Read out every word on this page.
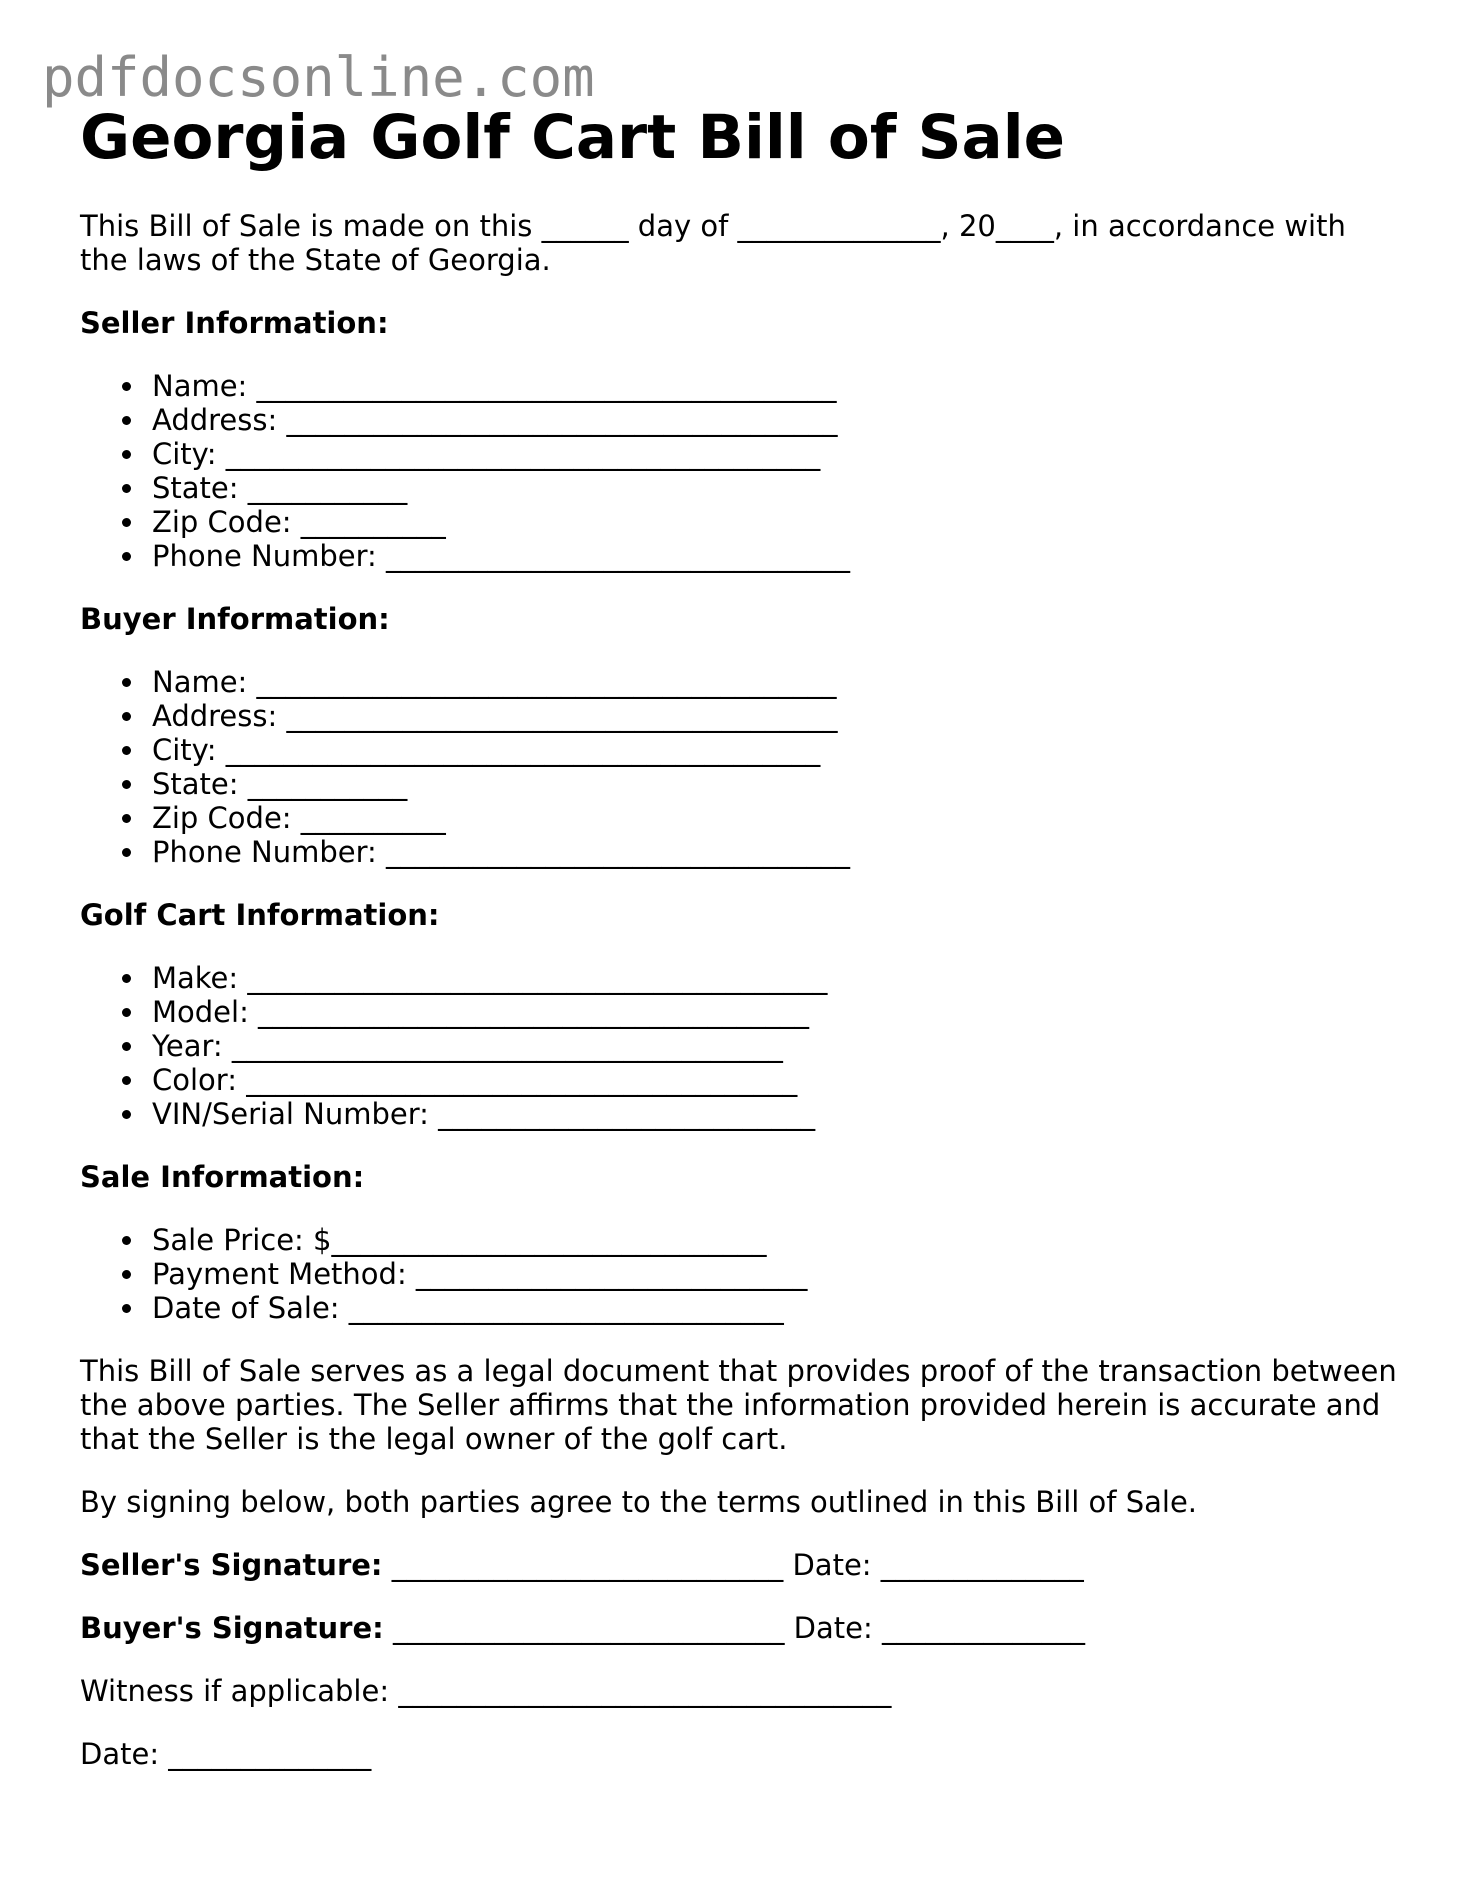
pdfdocsonline.com
Georgia Golf Cart Bill of Sale

This Bill of Sale is made on this ______ day of ______________, 20____, in accordance with the laws of the State of Georgia.

Seller Information:

Name: ________________________________________
Address: ______________________________________
City: _________________________________________
State: ___________
Zip Code: __________
Phone Number: ________________________________

Buyer Information:

Name: ________________________________________
Address: ______________________________________
City: _________________________________________
State: ___________
Zip Code: __________
Phone Number: ________________________________

Golf Cart Information:

Make: ________________________________________
Model: ______________________________________
Year: ______________________________________
Color: ______________________________________
VIN/Serial Number: __________________________

Sale Information:

Sale Price: $______________________________
Payment Method: ___________________________
Date of Sale: ______________________________

This Bill of Sale serves as a legal document that provides proof of the transaction between the above parties. The Seller affirms that the information provided herein is accurate and that the Seller is the legal owner of the golf cart.

By signing below, both parties agree to the terms outlined in this Bill of Sale.

Seller's Signature: ___________________________ Date: ______________

Buyer's Signature: ___________________________ Date: ______________

Witness if applicable: __________________________________

Date: ______________
